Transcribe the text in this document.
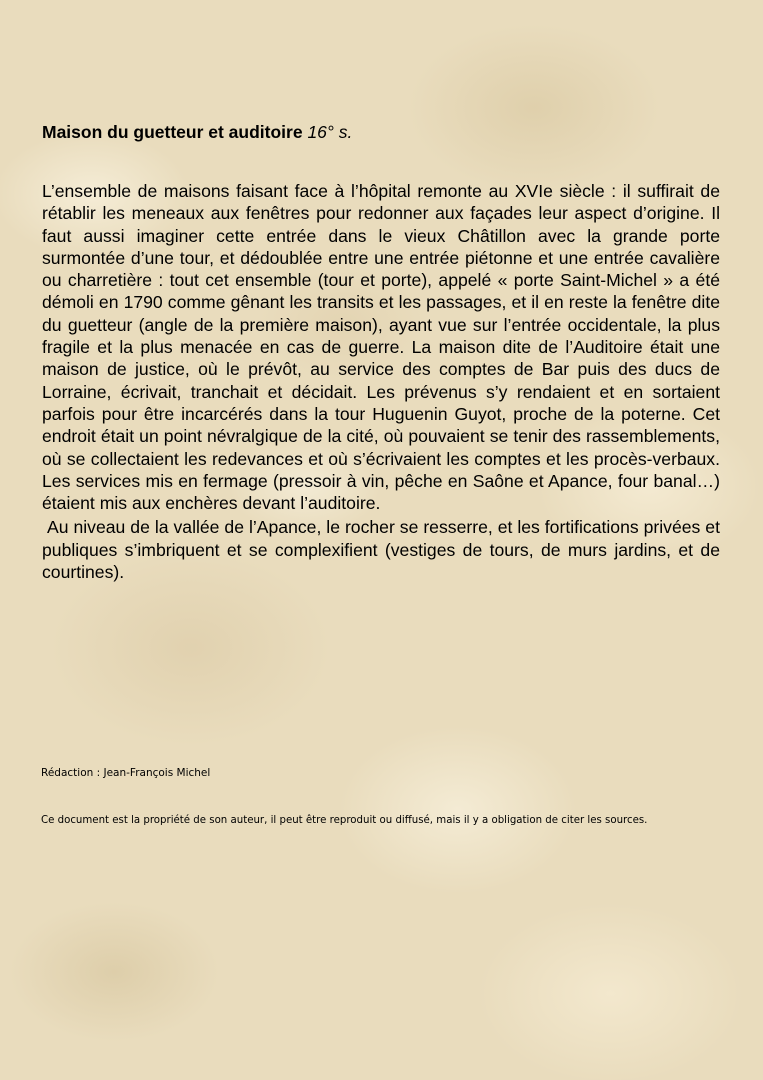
Maison du guetteur et auditoire 16° s.

L’ensemble de maisons faisant face à l’hôpital remonte au XVIe siècle : il suffirait de rétablir les meneaux aux fenêtres pour redonner aux façades leur aspect d’origine. Il faut aussi imaginer cette entrée dans le vieux Châtillon avec la grande porte surmontée d’une tour, et dédoublée entre une entrée piétonne et une entrée cavalière ou charretière : tout cet ensemble (tour et porte), appelé « porte Saint-Michel » a été démoli en 1790 comme gênant les transits et les passages, et il en reste la fenêtre dite du guetteur (angle de la première maison), ayant vue sur l’entrée occidentale, la plus fragile et la plus menacée en cas de guerre. La maison dite de l’Auditoire était une maison de justice, où le prévôt, au service des comptes de Bar puis des ducs de Lorraine, écrivait, tranchait et décidait. Les prévenus s’y rendaient et en sortaient parfois pour être incarcérés dans la tour Huguenin Guyot, proche de la poterne. Cet endroit était un point névralgique de la cité, où pouvaient se tenir des rassemblements, où se collectaient les redevances et où s’écrivaient les comptes et les procès-verbaux. Les services mis en fermage (pressoir à vin, pêche en Saône et Apance, four banal…) étaient mis aux enchères devant l’auditoire.

Au niveau de la vallée de l’Apance, le rocher se resserre, et les fortifications privées et publiques s’imbriquent et se complexifient (vestiges de tours, de murs jardins, et de courtines).

Rédaction : Jean-François Michel
Ce document est la propriété de son auteur, il peut être reproduit ou diffusé, mais il y a obligation de citer les sources.
